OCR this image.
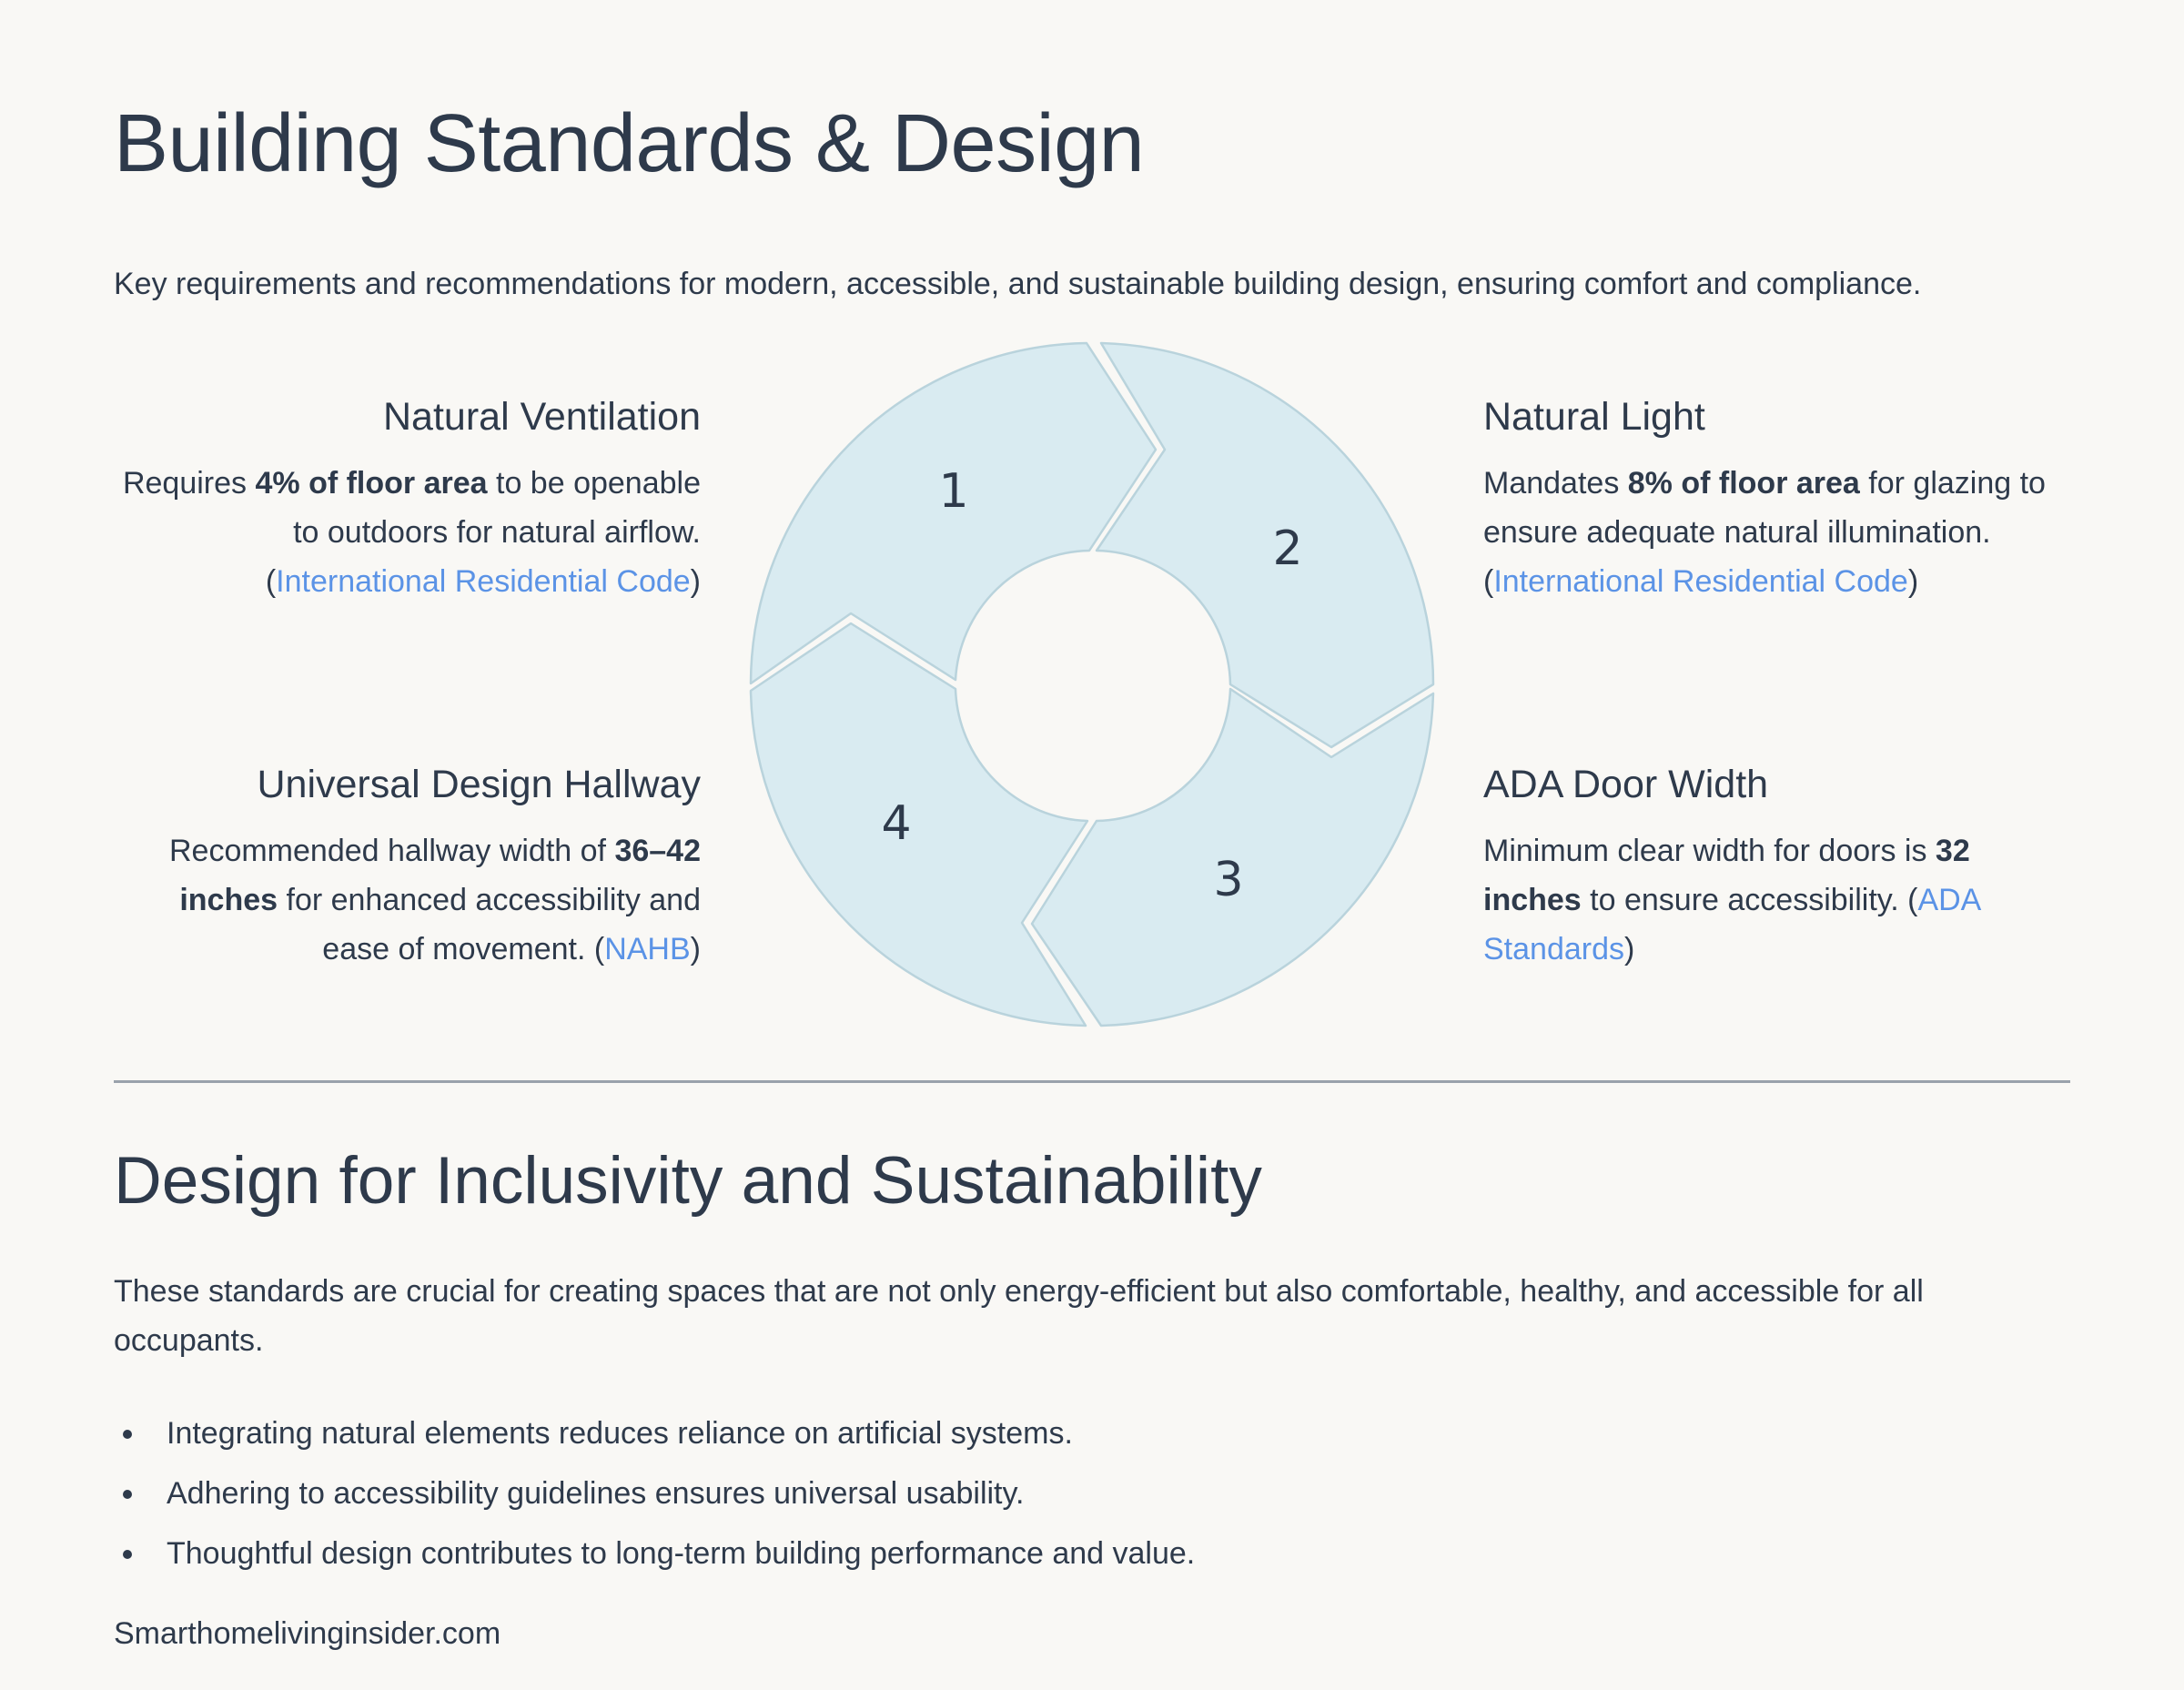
Building Standards & Design

Key requirements and recommendations for modern, accessible, and sustainable building design, ensuring comfort and compliance.

Natural Ventilation

Requires 4% of floor area to be openable to outdoors for natural airflow. (International Residential Code)

Natural Light

Mandates 8% of floor area for glazing to ensure adequate natural illumination. (International Residential Code)

Universal Design Hallway

Recommended hallway width of 36–42 inches for enhanced accessibility and ease of movement. (NAHB)

ADA Door Width

Minimum clear width for doors is 32 inches to ensure accessibility. (ADA Standards)

1
2
3
4
Design for Inclusivity and Sustainability

These standards are crucial for creating spaces that are not only energy-efficient but also comfortable, healthy, and accessible for all occupants.

Integrating natural elements reduces reliance on artificial systems.
Adhering to accessibility guidelines ensures universal usability.
Thoughtful design contributes to long-term building performance and value.

Smarthomelivinginsider.com
